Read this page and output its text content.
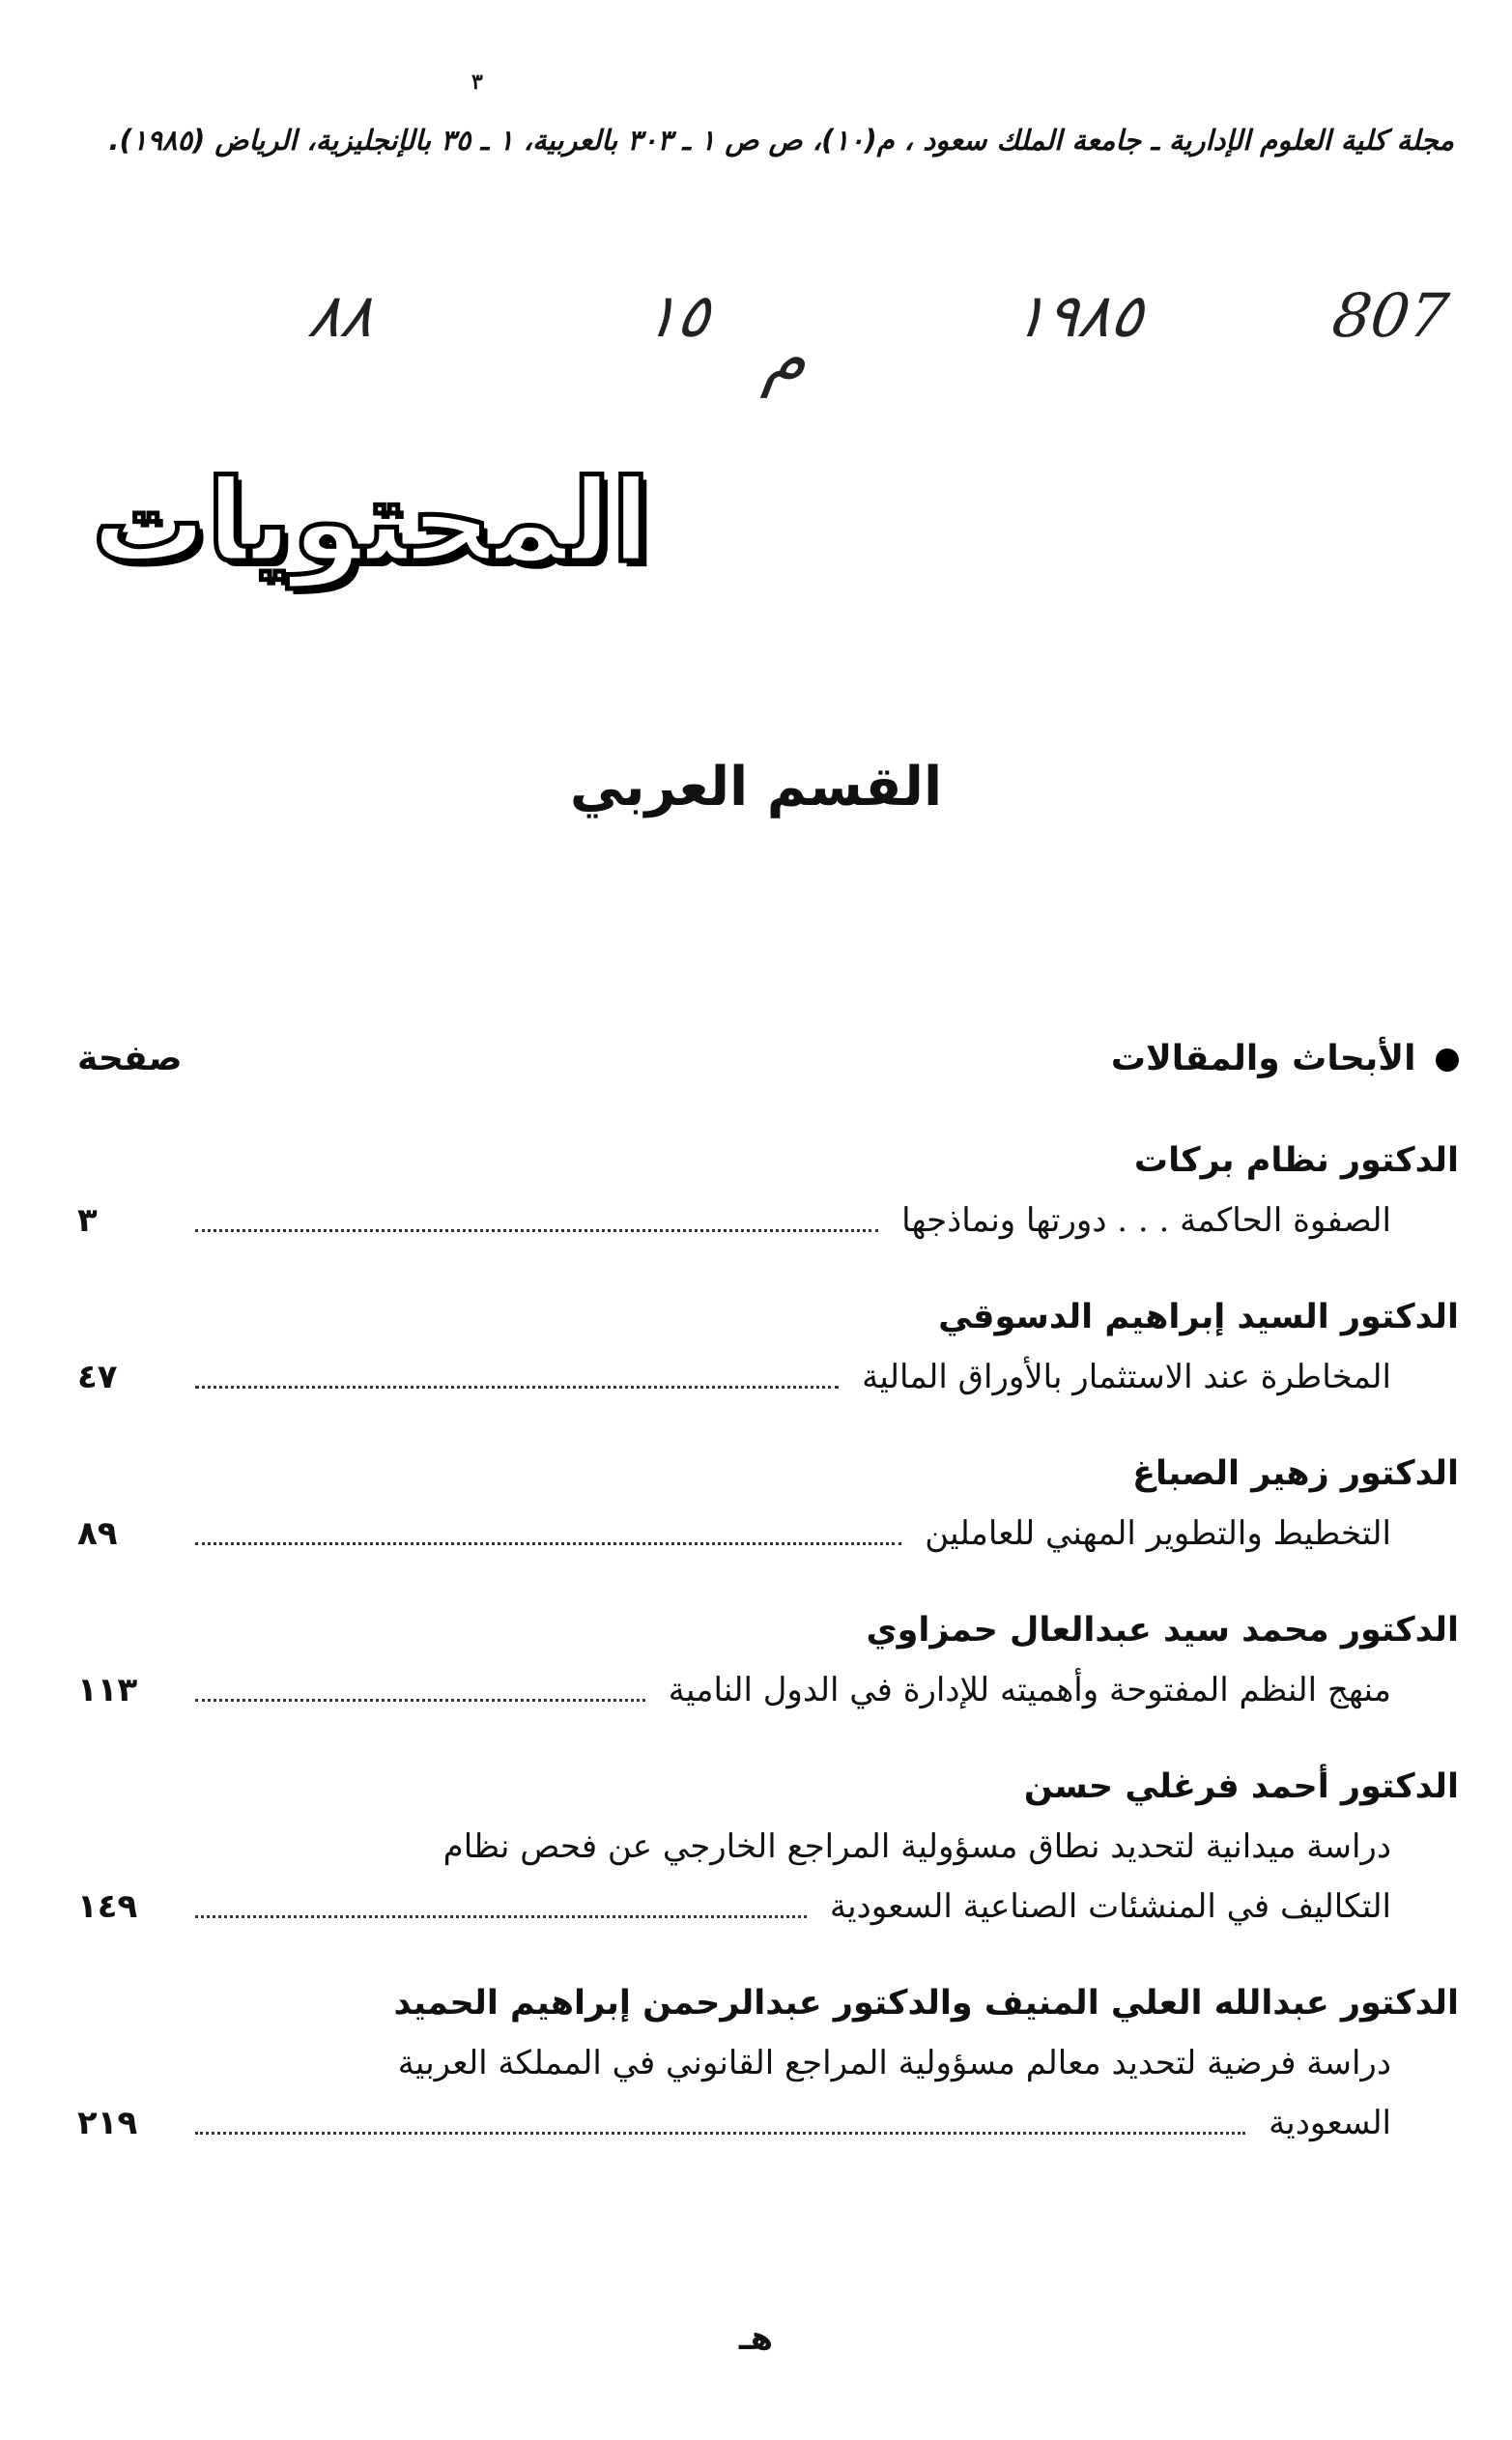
٣
مجلة كلية العلوم الإدارية ـ جامعة الملك سعود ، م(١٠)، ص ص ١ ـ ٣٠٣ بالعربية، ١ ـ ٣٥ بالإنجليزية، الرياض (١٩٨٥).
٨٨	١٥
م
١٩٨٥	807
المحتويات
القسم العربي
الأبحاث والمقالات
صفحة
الدكتور نظام بركات
الصفوة الحاكمة . . . دورتها ونماذجها
٣
الدكتور السيد إبراهيم الدسوقي
المخاطرة عند الاستثمار بالأوراق المالية
٤٧
الدكتور زهير الصباغ
التخطيط والتطوير المهني للعاملين
٨٩
الدكتور محمد سيد عبدالعال حمزاوي
منهج النظم المفتوحة وأهميته للإدارة في الدول النامية
١١٣
الدكتور أحمد فرغلي حسن
دراسة ميدانية لتحديد نطاق مسؤولية المراجع الخارجي عن فحص نظام
التكاليف في المنشئات الصناعية السعودية
١٤٩
الدكتور عبدالله العلي المنيف والدكتور عبدالرحمن إبراهيم الحميد
دراسة فرضية لتحديد معالم مسؤولية المراجع القانوني في المملكة العربية
السعودية
٢١٩
هـ
